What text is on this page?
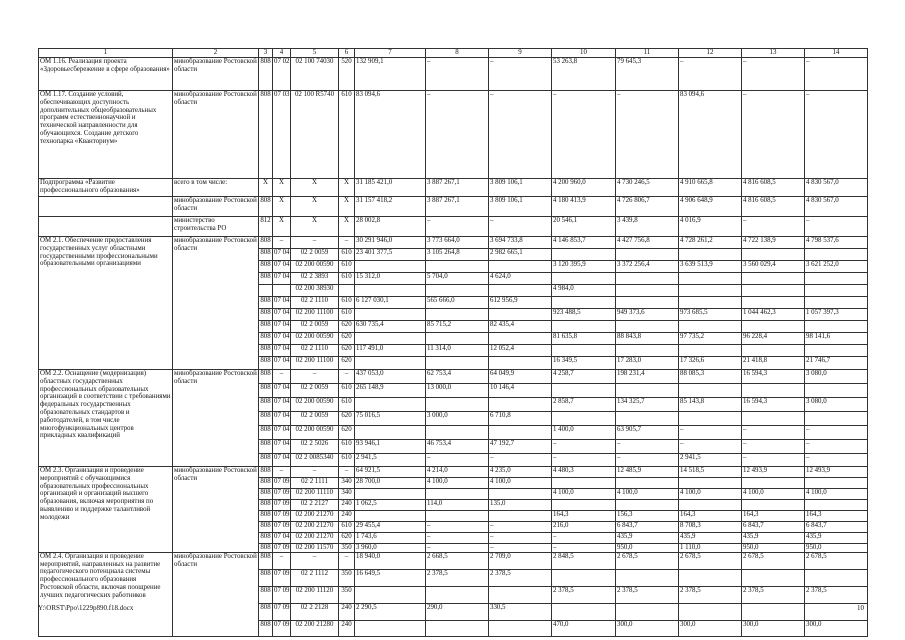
1	2	3	4	5	6	7	8	9	10	11	12	13	14
ОМ 1.16. Реализация проекта «Здоровьесбережение в сфере образования»	минобразование Ростовской области	808	07 02	02 100 74030	520	132 909,1	–	–	53 263,8	79 645,3	–	–	–
ОМ 1.17. Создание условий, обеспечивающих доступность дополнительных общеобразовательных программ естественнонаучной и технической направленности для обучающихся. Создание детского технопарка «Кванториум»	минобразование Ростовской области	808	07 03	02 100 R5740	610	83 094,6	–	–	–	–	83 094,6	–	–
Подпрограмма «Развитие профессионального образования»	всего в том числе:	X	X	X	X	31 185 421,0	3 887 267,1	3 809 106,1	4 200 960,0	4 730 246,5	4 910 665,8	4 816 608,5	4 830 567,0
	минобразование Ростовской области	808	X	X	X	31 157 418,2	3 887 267,1	3 809 106,1	4 180 413,9	4 726 806,7	4 906 648,9	4 816 608,5	4 830 567,0
	министерство строительства РО	812	X	X	X	28 002,8	–	–	20 546,1	3 439,8	4 016,9	–	–
ОМ 2.1. Обеспечение предоставления государственных услуг областными государственными профессиональными образовательными организациями	минобразование Ростовской области	808	–	–	–	30 291 946,0	3 773 664,0	3 694 733,8	4 146 853,7	4 427 756,8	4 728 261,2	4 722 138,9	4 798 537,6
		808	07 04	02 2 0059	610	23 401 377,5	3 105 264,8	2 982 665,1					
		808	07 04	02 200 00590	610				3 120 395,9	3 372 256,4	3 639 513,9	3 560 029,4	3 621 252,0
		808	07 04	02 2 3893	610	15 312,0	5 704,0	4 624,0					
				02 200 38930					4 984,0				
		808	07 04	02 2 1110	610	6 127 030,1	565 666,0	612 956,9					
		808	07 04	02 200 11100	610				923 488,5	949 373,6	973 685,5	1 044 462,3	1 057 397,3
		808	07 04	02 2 0059	620	630 735,4	85 715,2	82 435,4					
		808	07 04	02 200 00590	620				81 635,8	88 843,8	97 735,2	96 228,4	98 141,6
		808	07 04	02 2 1110	620	117 491,0	11 314,0	12 052,4					
		808	07 04	02 200 11100	620				16 349,5	17 283,0	17 326,6	21 418,8	21 746,7
ОМ 2.2. Оснащение (модернизация) областных государственных профессиональных образовательных организаций в соответствии с требованиями федеральных государственных образовательных стандартов и работодателей, в том числе многофункциональных центров прикладных квалификаций	минобразование Ростовской области	808	–	–	–	437 053,0	62 753,4	64 049,9	4 258,7	198 231,4	88 085,3	16 594,3	3 080,0
		808	07 04	02 2 0059	610	265 148,9	13 000,0	10 146,4					
		808	07 04	02 200 00590	610				2 858,7	134 325,7	85 143,8	16 594,3	3 080,0
		808	07 04	02 2 0059	620	75 016,5	3 000,0	6 710,8					
		808	07 04	02 200 00590	620				1 400,0	63 905,7	–	–	–
		808	07 04	02 2 5026	610	93 946,1	46 753,4	47 192,7	–	–	–	–	–
		808	07 04	02 2 0085340	610	2 941,5	–	–	–	–	2 941,5	–	–
ОМ 2.3. Организация и проведение мероприятий с обучающимися образовательных профессиональных организаций и организаций высшего образования, включая мероприятия по выявлению и поддержке талантливой молодежи	минобразование Ростовской области	808	–	–	–	64 921,5	4 214,0	4 235,0	4 480,3	12 485,9	14 518,5	12 493,9	12 493,9
		808	07 09	02 2 1111	340	28 700,0	4 100,0	4 100,0					
		808	07 09	02 200 11110	340				4 100,0	4 100,0	4 100,0	4 100,0	4 100,0
		808	07 09	02 2 2127	240	1 062,5	114,0	135,0					
		808	07 09	02 200 21270	240				164,3	156,3	164,3	164,3	164,3
		808	07 09	02 200 21270	610	29 455,4	–	–	216,0	6 843,7	8 708,3	6 843,7	6 843,7
		808	07 04	02 200 21270	620	1 743,6	–	–	–	435,9	435,9	435,9	435,9
		808	07 09	02 200 11570	350	3 960,0	–	–	–	950,0	1 110,0	950,0	950,0
ОМ 2.4. Организация и проведение мероприятий, направленных на развитие педагогического потенциала системы профессионального образования Ростовской области, включая поощрение лучших педагогических работников	минобразование Ростовской области	808	–	–	–	18 940,0	2 668,5	2 709,0	2 848,5	2 678,5	2 678,5	2 678,5	2 678,5
		808	07 09	02 2 1112	350	16 649,5	2 378,5	2 378,5					
		808	07 09	02 200 11120	350				2 378,5	2 378,5	2 378,5	2 378,5	2 378,5
		808	07 09	02 2 2128	240	2 290,5	290,0	330,5					
		808	07 09	02 200 21280	240				470,0	300,0	300,0	300,0	300,0
Y:\ORST\Ppo\1229p890.f18.docx	10
